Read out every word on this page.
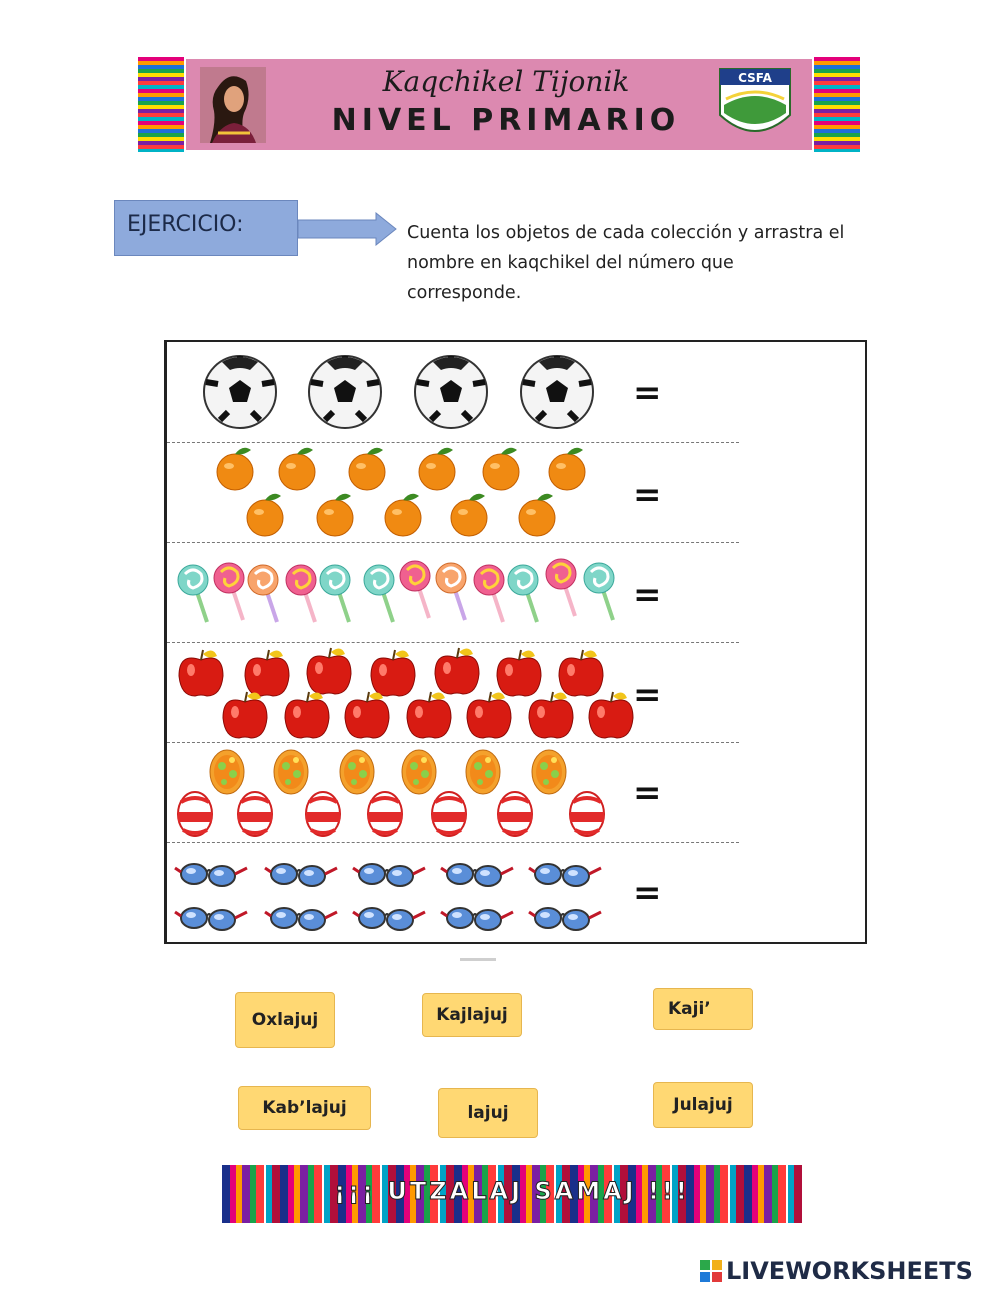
Kaqchikel Tijonik
NIVEL PRIMARIO
CSFA
EJERCICIO:	Cuenta los objetos de cada colección y arrastra el nombre en kaqchikel del número que corresponde.
=
=
=
=
=
=
Oxlajuj	Kajlajuj	Kaji’
Kab’lajuj	lajuj	Julajuj
¡¡¡ UTZALAJ SAMAJ !!!
LIVEWORKSHEETS
